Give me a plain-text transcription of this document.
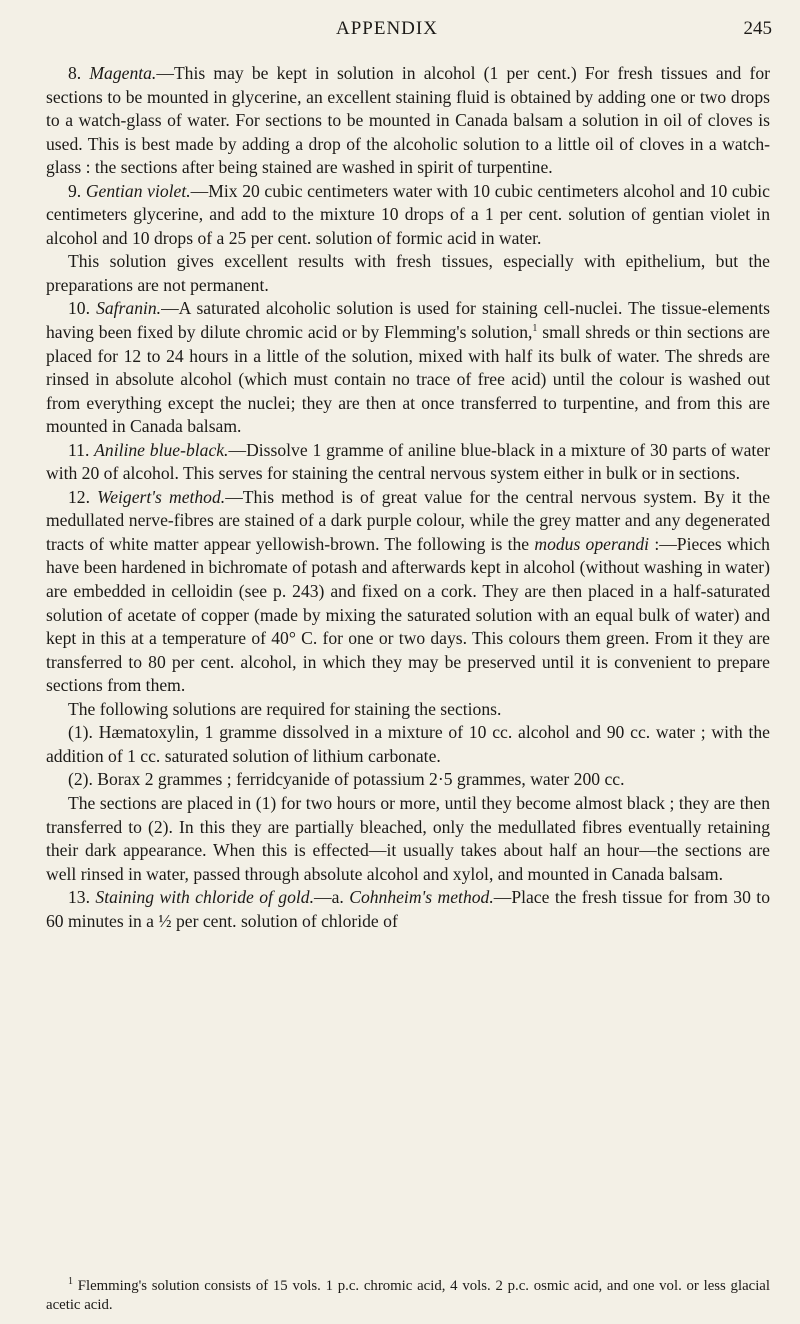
APPENDIX	245

8. Magenta.—This may be kept in solution in alcohol (1 per cent.) For fresh tissues and for sections to be mounted in glycerine, an excellent staining fluid is obtained by adding one or two drops to a watch-glass of water. For sections to be mounted in Canada balsam a solution in oil of cloves is used. This is best made by adding a drop of the alcoholic solution to a little oil of cloves in a watch-glass : the sections after being stained are washed in spirit of turpentine.

9. Gentian violet.—Mix 20 cubic centimeters water with 10 cubic centimeters alcohol and 10 cubic centimeters glycerine, and add to the mixture 10 drops of a 1 per cent. solution of gentian violet in alcohol and 10 drops of a 25 per cent. solution of formic acid in water.

This solution gives excellent results with fresh tissues, especially with epithelium, but the preparations are not permanent.

10. Safranin.—A saturated alcoholic solution is used for staining cell-nuclei. The tissue-elements having been fixed by dilute chromic acid or by Flemming's solution,$^1$ small shreds or thin sections are placed for 12 to 24 hours in a little of the solution, mixed with half its bulk of water. The shreds are rinsed in absolute alcohol (which must contain no trace of free acid) until the colour is washed out from everything except the nuclei; they are then at once transferred to turpentine, and from this are mounted in Canada balsam.

11. Aniline blue-black.—Dissolve 1 gramme of aniline blue-black in a mixture of 30 parts of water with 20 of alcohol. This serves for staining the central nervous system either in bulk or in sections.

12. Weigert's method.—This method is of great value for the central nervous system. By it the medullated nerve-fibres are stained of a dark purple colour, while the grey matter and any degenerated tracts of white matter appear yellowish-brown. The following is the modus operandi :—Pieces which have been hardened in bichromate of potash and afterwards kept in alcohol (without washing in water) are embedded in celloidin (see p. 243) and fixed on a cork. They are then placed in a half-saturated solution of acetate of copper (made by mixing the saturated solution with an equal bulk of water) and kept in this at a temperature of 40° C. for one or two days. This colours them green. From it they are transferred to 80 per cent. alcohol, in which they may be preserved until it is convenient to prepare sections from them.

The following solutions are required for staining the sections.

(1). Hæmatoxylin, 1 gramme dissolved in a mixture of 10 cc. alcohol and 90 cc. water ; with the addition of 1 cc. saturated solution of lithium carbonate.

(2). Borax 2 grammes ; ferridcyanide of potassium 2·5 grammes, water 200 cc.

The sections are placed in (1) for two hours or more, until they become almost black ; they are then transferred to (2). In this they are partially bleached, only the medullated fibres eventually retaining their dark appearance. When this is effected—it usually takes about half an hour—the sections are well rinsed in water, passed through absolute alcohol and xylol, and mounted in Canada balsam.

13. Staining with chloride of gold.—a. Cohnheim's method.—Place the fresh tissue for from 30 to 60 minutes in a ½ per cent. solution of chloride of

$^1$ Flemming's solution consists of 15 vols. 1 p.c. chromic acid, 4 vols. 2 p.c. osmic acid, and one vol. or less glacial acetic acid.
